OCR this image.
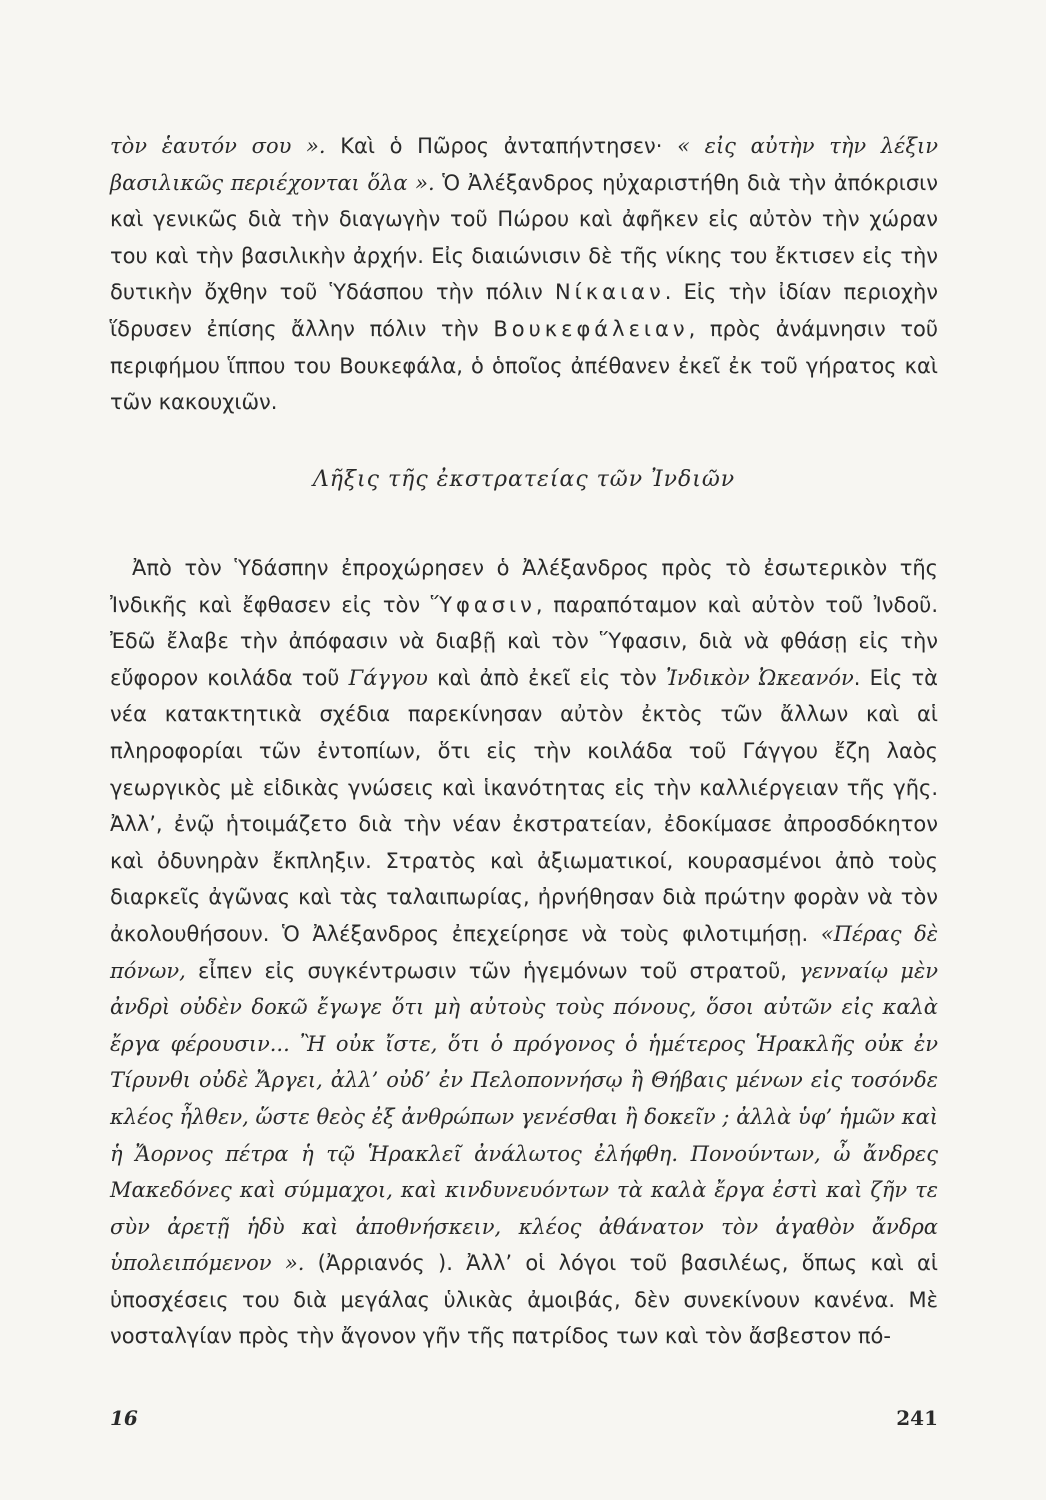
τὸν ἑαυτόν σου ». Καὶ ὁ Πῶρος ἀνταπήντησεν· « εἰς αὐτὴν τὴν λέξιν βασιλικῶς περιέχονται ὅλα ». Ὁ Ἀλέξανδρος ηὐχαριστήθη διὰ τὴν ἀπόκρισιν καὶ γενικῶς διὰ τὴν διαγωγὴν τοῦ Πώρου καὶ ἀφῆκεν εἰς αὐτὸν τὴν χώραν του καὶ τὴν βασιλικὴν ἀρχήν. Εἰς διαιώνισιν δὲ τῆς νίκης του ἔκτισεν εἰς τὴν δυτικὴν ὄχθην τοῦ Ὑδάσπου τὴν πόλιν Νίκαιαν. Εἰς τὴν ἰδίαν περιοχὴν ἵδρυσεν ἐπίσης ἄλλην πόλιν τὴν Βουκεφάλειαν, πρὸς ἀνάμνησιν τοῦ περιφήμου ἵππου του Βουκεφάλα, ὁ ὁποῖος ἀπέθανεν ἐκεῖ ἐκ τοῦ γήρατος καὶ τῶν κακουχιῶν.

Λῆξις τῆς ἐκστρατείας τῶν Ἰνδιῶν

Ἀπὸ τὸν Ὑδάσπην ἐπροχώρησεν ὁ Ἀλέξανδρος πρὸς τὸ ἐσωτερικὸν τῆς Ἰνδικῆς καὶ ἔφθασεν εἰς τὸν Ὕφασιν, παραπόταμον καὶ αὐτὸν τοῦ Ἰνδοῦ. Ἐδῶ ἔλαβε τὴν ἀπόφασιν νὰ διαβῇ καὶ τὸν Ὕφασιν, διὰ νὰ φθάσῃ εἰς τὴν εὔφορον κοιλάδα τοῦ Γάγγου καὶ ἀπὸ ἐκεῖ εἰς τὸν Ἰνδικὸν Ὠκεανόν. Εἰς τὰ νέα κατακτητικὰ σχέδια παρεκίνησαν αὐτὸν ἐκτὸς τῶν ἄλλων καὶ αἱ πληροφορίαι τῶν ἐντοπίων, ὅτι εἰς τὴν κοιλάδα τοῦ Γάγγου ἔζη λαὸς γεωργικὸς μὲ εἰδικὰς γνώσεις καὶ ἱκανότητας εἰς τὴν καλλιέργειαν τῆς γῆς. Ἀλλ’, ἐνῷ ἡτοιμάζετο διὰ τὴν νέαν ἐκστρατείαν, ἐδοκίμασε ἀπροσδόκητον καὶ ὀδυνηρὰν ἔκπληξιν. Στρατὸς καὶ ἀξιωματικοί, κουρασμένοι ἀπὸ τοὺς διαρκεῖς ἀγῶνας καὶ τὰς ταλαιπωρίας, ἠρνήθησαν διὰ πρώτην φορὰν νὰ τὸν ἀκολουθήσουν. Ὁ Ἀλέξανδρος ἐπεχείρησε νὰ τοὺς φιλοτιμήσῃ. «Πέρας δὲ πόνων, εἶπεν εἰς συγκέντρωσιν τῶν ἡγεμόνων τοῦ στρατοῦ, γενναίῳ μὲν ἀνδρὶ οὐδὲν δοκῶ ἔγωγε ὅτι μὴ αὐτοὺς τοὺς πόνους, ὅσοι αὐτῶν εἰς καλὰ ἔργα φέρουσιν... Ἢ οὐκ ἴστε, ὅτι ὁ πρόγονος ὁ ἡμέτερος Ἡρακλῆς οὐκ ἐν Τίρυνθι οὐδὲ Ἄργει, ἀλλ’ οὐδ’ ἐν Πελοποννήσῳ ἢ Θήβαις μένων εἰς τοσόνδε κλέος ἦλθεν, ὥστε θεὸς ἐξ ἀνθρώπων γενέσθαι ἢ δοκεῖν ; ἀλλὰ ὑφ’ ἡμῶν καὶ ἡ Ἄορνος πέτρα ἡ τῷ Ἡρακλεῖ ἀνάλωτος ἐλήφθη. Πονούντων, ὦ ἄνδρες Μακεδόνες καὶ σύμμαχοι, καὶ κινδυνευόντων τὰ καλὰ ἔργα ἐστὶ καὶ ζῆν τε σὺν ἀρετῇ ἡδὺ καὶ ἀποθνήσκειν, κλέος ἀθάνατον τὸν ἀγαθὸν ἄνδρα ὑπολειπόμενον ». (Ἀρριανός ). Ἀλλ’ οἱ λόγοι τοῦ βασιλέως, ὅπως καὶ αἱ ὑποσχέσεις του διὰ μεγάλας ὑλικὰς ἀμοιβάς, δὲν συνεκίνουν κανένα. Μὲ νοσταλγίαν πρὸς τὴν ἄγονον γῆν τῆς πατρίδος των καὶ τὸν ἄσβεστον πό-

16	241
